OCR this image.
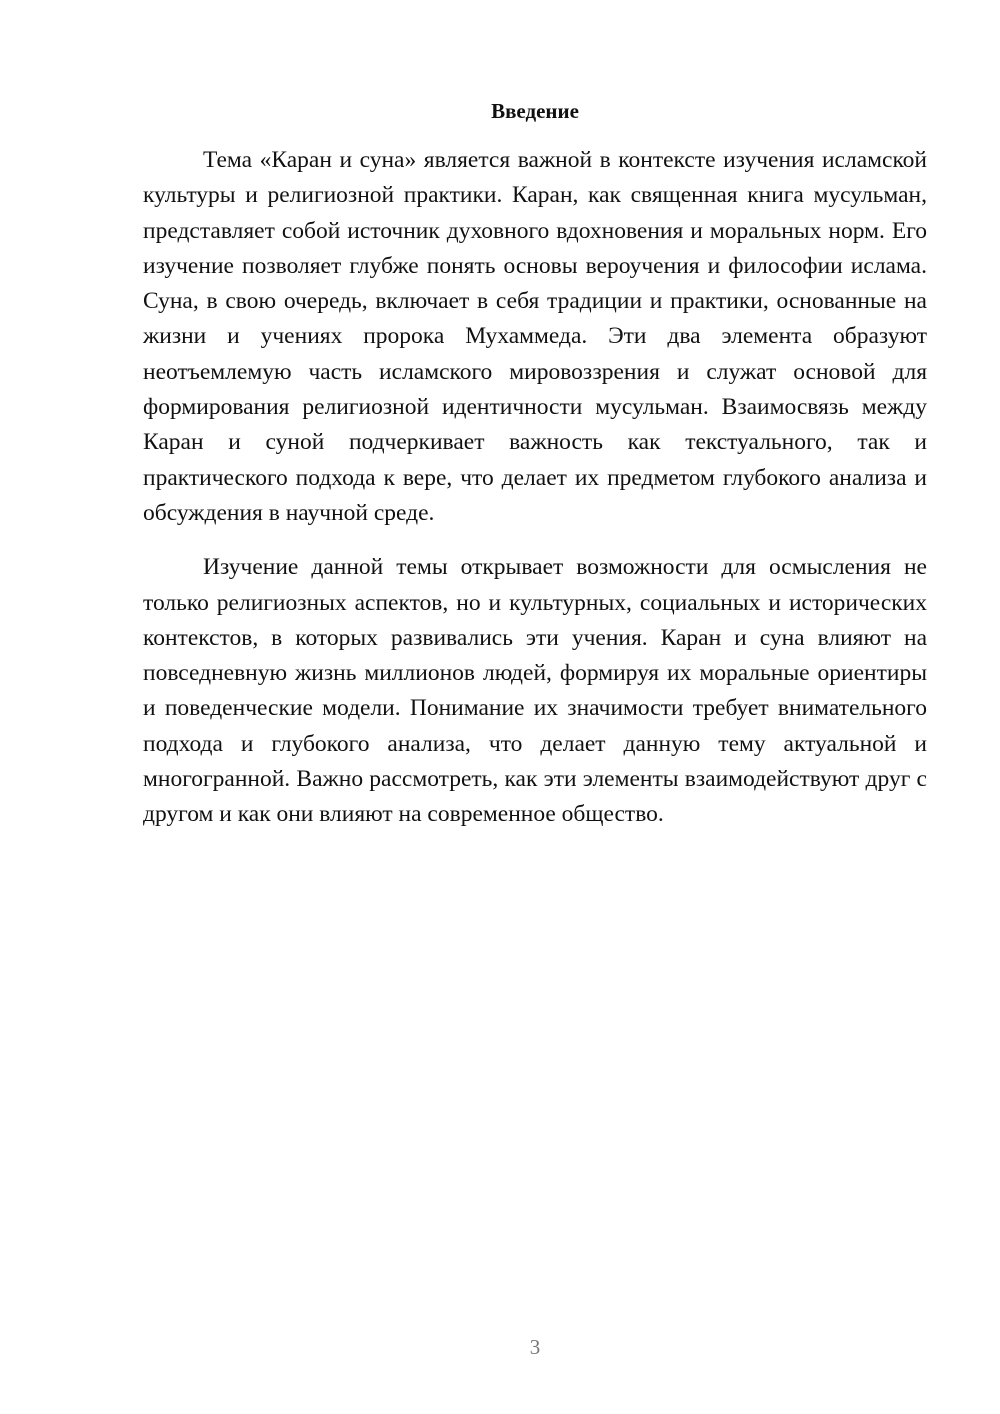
Введение

Тема «Каран и суна» является важной в контексте изучения исламской культуры и религиозной практики. Каран, как священная книга мусульман, представляет собой источник духовного вдохновения и моральных норм. Его изучение позволяет глубже понять основы вероучения и философии ислама. Суна, в свою очередь, включает в себя традиции и практики, основанные на жизни и учениях пророка Мухаммеда. Эти два элемента образуют неотъемлемую часть исламского мировоззрения и служат основой для формирования религиозной идентичности мусульман. Взаимосвязь между Каран и суной подчеркивает важность как текстуального, так и практического подхода к вере, что делает их предметом глубокого анализа и обсуждения в научной среде.

Изучение данной темы открывает возможности для осмысления не только религиозных аспектов, но и культурных, социальных и исторических контекстов, в которых развивались эти учения. Каран и суна влияют на повседневную жизнь миллионов людей, формируя их моральные ориентиры и поведенческие модели. Понимание их значимости требует внимательного подхода и глубокого анализа, что делает данную тему актуальной и многогранной. Важно рассмотреть, как эти элементы взаимодействуют друг с другом и как они влияют на современное общество.

3
